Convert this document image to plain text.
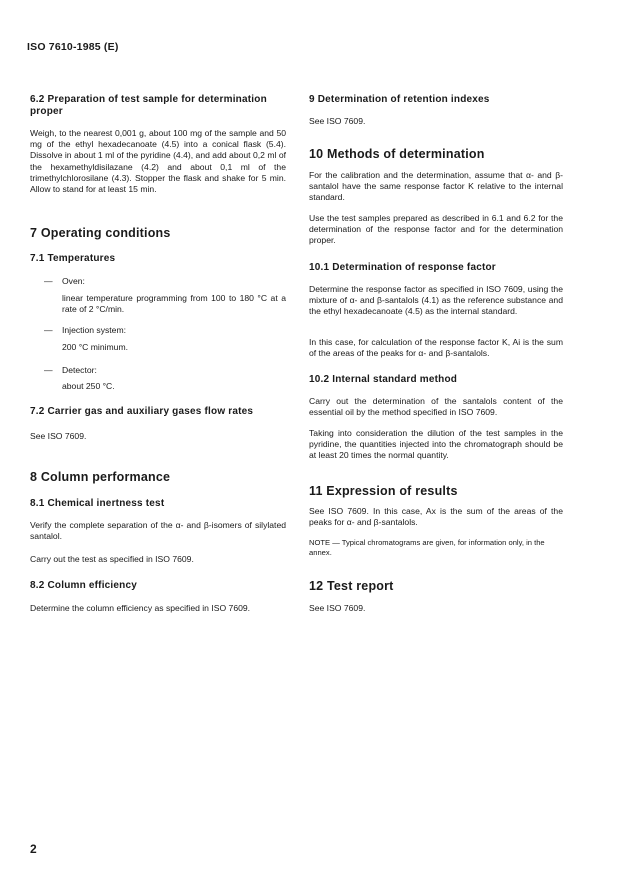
ISO 7610-1985 (E)
6.2 Preparation of test sample for determination proper
Weigh, to the nearest 0,001 g, about 100 mg of the sample and 50 mg of the ethyl hexadecanoate (4.5) into a conical flask (5.4). Dissolve in about 1 ml of the pyridine (4.4), and add about 0,2 ml of the hexamethyldisilazane (4.2) and about 0,1 ml of the trimethylchlorosilane (4.3). Stopper the flask and shake for 5 min. Allow to stand for at least 15 min.
7 Operating conditions
7.1 Temperatures
— Oven:
linear temperature programming from 100 to 180 °C at a rate of 2 °C/min.
— Injection system:
200 °C minimum.
— Detector:
about 250 °C.
7.2 Carrier gas and auxiliary gases flow rates
See ISO 7609.
8 Column performance
8.1 Chemical inertness test
Verify the complete separation of the α- and β-isomers of silylated santalol.
Carry out the test as specified in ISO 7609.
8.2 Column efficiency
Determine the column efficiency as specified in ISO 7609.
9 Determination of retention indexes
See ISO 7609.
10 Methods of determination
For the calibration and the determination, assume that α- and β-santalol have the same response factor K relative to the internal standard.
Use the test samples prepared as described in 6.1 and 6.2 for the determination of the response factor and for the determination proper.
10.1 Determination of response factor
Determine the response factor as specified in ISO 7609, using the mixture of α- and β-santalols (4.1) as the reference substance and the ethyl hexadecanoate (4.5) as the internal standard.
In this case, for calculation of the response factor K, Ai is the sum of the areas of the peaks for α- and β-santalols.
10.2 Internal standard method
Carry out the determination of the santalols content of the essential oil by the method specified in ISO 7609.
Taking into consideration the dilution of the test samples in the pyridine, the quantities injected into the chromatograph should be at least 20 times the normal quantity.
11 Expression of results
See ISO 7609. In this case, Ax is the sum of the areas of the peaks for α- and β-santalols.
NOTE — Typical chromatograms are given, for information only, in the annex.
12 Test report
See ISO 7609.
2
